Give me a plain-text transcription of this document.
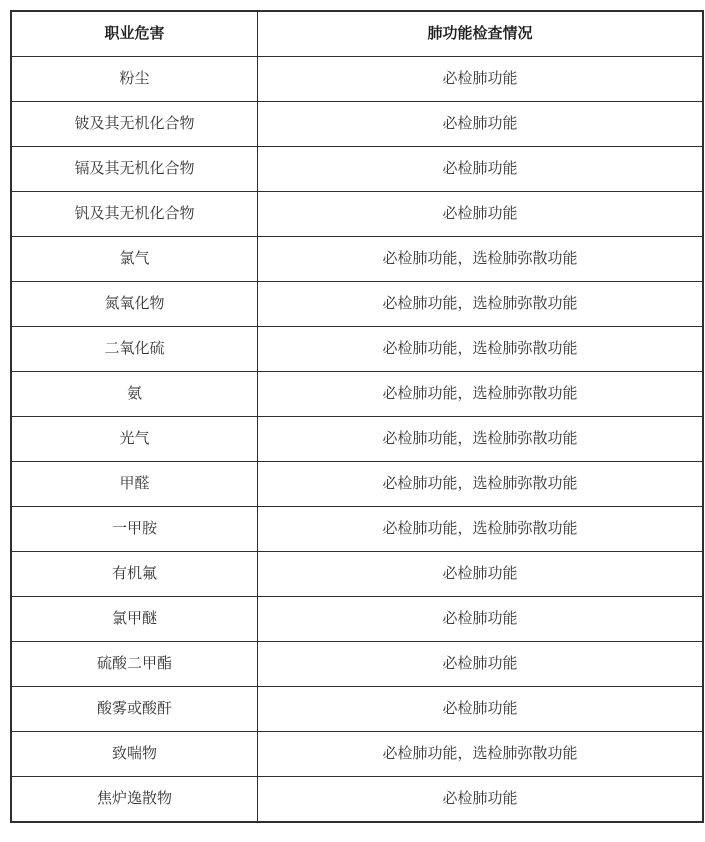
职业危害	肺功能检查情况
粉尘	必检肺功能
铍及其无机化合物	必检肺功能
镉及其无机化合物	必检肺功能
钒及其无机化合物	必检肺功能
氯气	必检肺功能，选检肺弥散功能
氮氧化物	必检肺功能，选检肺弥散功能
二氧化硫	必检肺功能，选检肺弥散功能
氨	必检肺功能，选检肺弥散功能
光气	必检肺功能，选检肺弥散功能
甲醛	必检肺功能，选检肺弥散功能
一甲胺	必检肺功能，选检肺弥散功能
有机氟	必检肺功能
氯甲醚	必检肺功能
硫酸二甲酯	必检肺功能
酸雾或酸酐	必检肺功能
致喘物	必检肺功能，选检肺弥散功能
焦炉逸散物	必检肺功能
